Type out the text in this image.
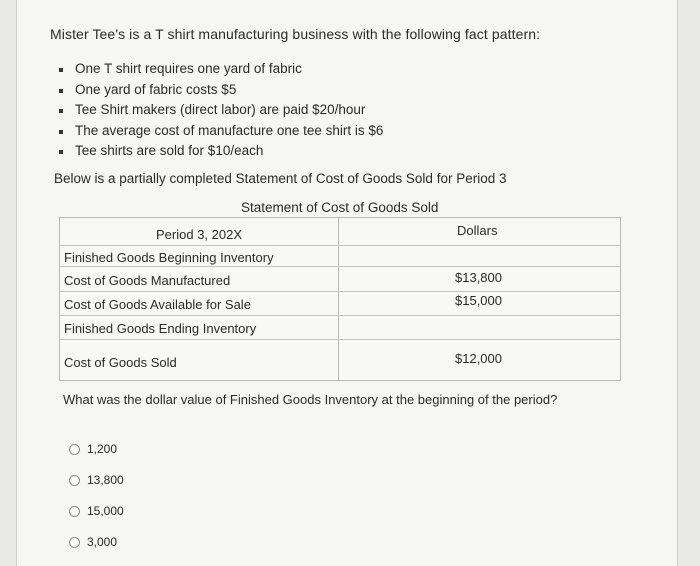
Mister Tee's is a T shirt manufacturing business with the following fact pattern:
One T shirt requires one yard of fabric
One yard of fabric costs $5
Tee Shirt makers (direct labor) are paid $20/hour
The average cost of manufacture one tee shirt is $6
Tee shirts are sold for $10/each
Below is a partially completed Statement of Cost of Goods Sold for Period 3
Statement of Cost of Goods Sold
Period 3, 202X	Dollars
Finished Goods Beginning Inventory
Cost of Goods Manufactured	$13,800
Cost of Goods Available for Sale	$15,000
Finished Goods Ending Inventory
Cost of Goods Sold	$12,000
What was the dollar value of Finished Goods Inventory at the beginning of the period?
1,200
13,800
15,000
3,000
